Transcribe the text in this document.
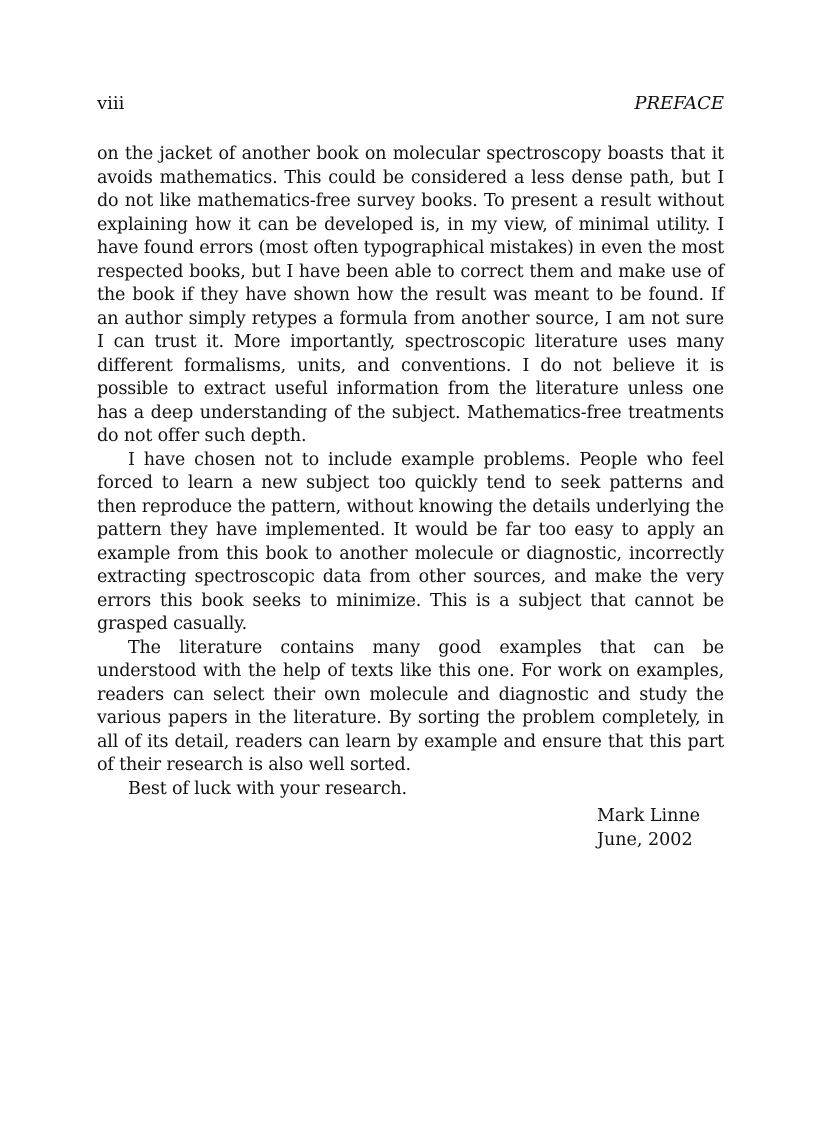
viii	PREFACE

on the jacket of another book on molecular spectroscopy boasts that it avoids mathematics. This could be considered a less dense path, but I do not like mathematics-free survey books. To present a result without explaining how it can be developed is, in my view, of minimal utility. I have found errors (most often typographical mistakes) in even the most respected books, but I have been able to correct them and make use of the book if they have shown how the result was meant to be found. If an author simply retypes a formula from another source, I am not sure I can trust it. More importantly, spectroscopic literature uses many different formalisms, units, and conventions. I do not believe it is possible to extract useful information from the literature unless one has a deep understanding of the subject. Mathematics-free treatments do not offer such depth.

I have chosen not to include example problems. People who feel forced to learn a new subject too quickly tend to seek patterns and then reproduce the pattern, without knowing the details underlying the pattern they have implemented. It would be far too easy to apply an example from this book to another molecule or diagnostic, incorrectly extracting spectroscopic data from other sources, and make the very errors this book seeks to minimize. This is a subject that cannot be grasped casually.

The literature contains many good examples that can be understood with the help of texts like this one. For work on examples, readers can select their own molecule and diagnostic and study the various papers in the literature. By sorting the problem completely, in all of its detail, readers can learn by example and ensure that this part of their research is also well sorted.

Best of luck with your research.

Mark Linne
June, 2002
